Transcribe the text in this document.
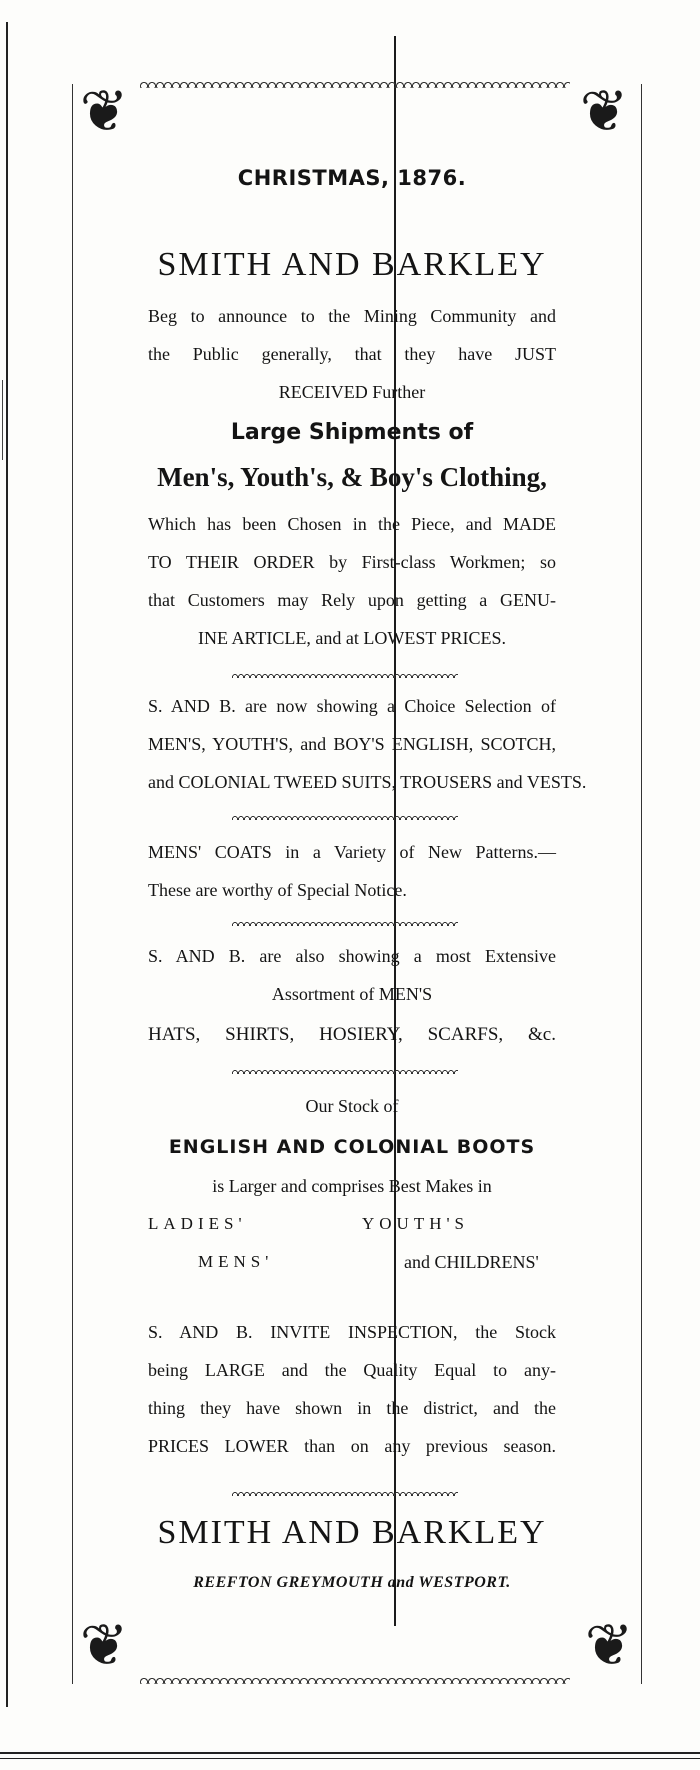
❦	❦
❦	❦
CHRISTMAS, 1876.
SMITH AND BARKLEY
Beg to announce to the Mining Community and
the Public generally, that they have JUST
RECEIVED Further
Large Shipments of
Men's, Youth's, & Boy's Clothing,
Which has been Chosen in the Piece, and MADE
TO THEIR ORDER by First-class Workmen; so
that Customers may Rely upon getting a GENU-
INE ARTICLE, and at LOWEST PRICES.
S. AND B. are now showing a Choice Selection of
MEN'S, YOUTH'S, and BOY'S ENGLISH, SCOTCH,
and COLONIAL TWEED SUITS, TROUSERS and VESTS.
MENS' COATS in a Variety of New Patterns.—
These are worthy of Special Notice.
S. AND B. are also showing a most Extensive
Assortment of MEN'S
HATS, SHIRTS, HOSIERY, SCARFS, &c.
Our Stock of
ENGLISH AND COLONIAL BOOTS
is Larger and comprises Best Makes in
LADIES'	YOUTH'S
MENS'	and CHILDRENS'
S. AND B. INVITE INSPECTION, the Stock
being LARGE and the Quality Equal to any-
thing they have shown in the district, and the
PRICES LOWER than on any previous season.
SMITH AND BARKLEY
REEFTON GREYMOUTH and WESTPORT.
